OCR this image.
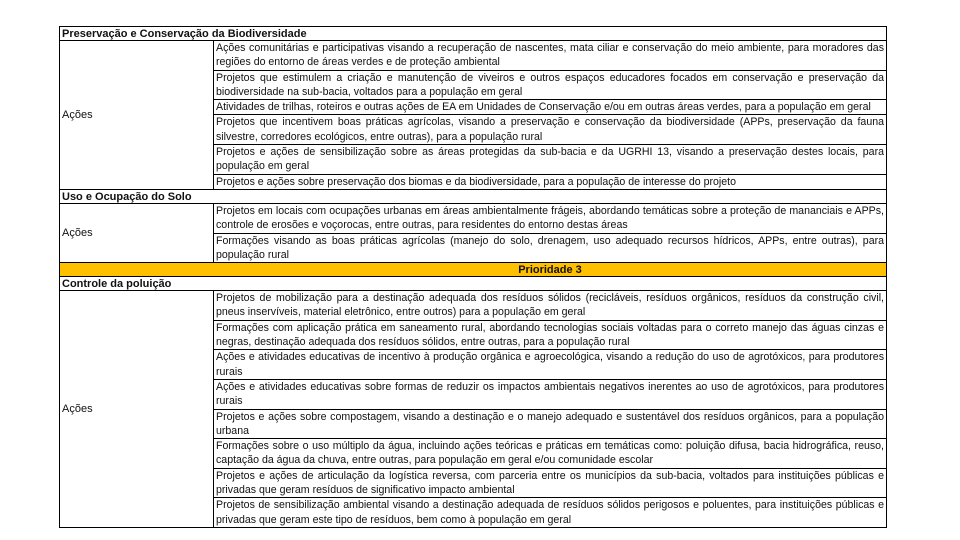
Preservação e Conservação da Biodiversidade
Ações
Ações comunitárias e participativas visando a recuperação de nascentes, mata ciliar e conservação do meio ambiente, para moradores das regiões do entorno de áreas verdes e de proteção ambiental
Projetos que estimulem a criação e manutenção de viveiros e outros espaços educadores focados em conservação e preservação da biodiversidade na sub-bacia, voltados para a população em geral
Atividades de trilhas, roteiros e outras ações de EA em Unidades de Conservação e/ou em outras áreas verdes, para a população em geral
Projetos que incentivem boas práticas agrícolas, visando a preservação e conservação da biodiversidade (APPs, preservação da fauna silvestre, corredores ecológicos, entre outras), para a população rural
Projetos e ações de sensibilização sobre as áreas protegidas da sub-bacia e da UGRHI 13, visando a preservação destes locais, para população em geral
Projetos e ações sobre preservação dos biomas e da biodiversidade, para a população de interesse do projeto
Uso e Ocupação do Solo
Ações
Projetos em locais com ocupações urbanas em áreas ambientalmente frágeis, abordando temáticas sobre a proteção de mananciais e APPs, controle de erosões e voçorocas, entre outras, para residentes do entorno destas áreas
Formações visando as boas práticas agrícolas (manejo do solo, drenagem, uso adequado recursos hídricos, APPs, entre outras), para população rural
Prioridade 3
Controle da poluição
Ações
Projetos de mobilização para a destinação adequada dos resíduos sólidos (recicláveis, resíduos orgânicos, resíduos da construção civil, pneus inservíveis, material eletrônico, entre outros) para a população em geral
Formações com aplicação prática em saneamento rural, abordando tecnologias sociais voltadas para o correto manejo das águas cinzas e negras, destinação adequada dos resíduos sólidos, entre outras, para a população rural
Ações e atividades educativas de incentivo à produção orgânica e agroecológica, visando a redução do uso de agrotóxicos, para produtores rurais
Ações e atividades educativas sobre formas de reduzir os impactos ambientais negativos inerentes ao uso de agrotóxicos, para produtores rurais
Projetos e ações sobre compostagem, visando a destinação e o manejo adequado e sustentável dos resíduos orgânicos, para a população urbana
Formações sobre o uso múltiplo da água, incluindo ações teóricas e práticas em temáticas como: poluição difusa, bacia hidrográfica, reuso, captação da água da chuva, entre outras, para população em geral e/ou comunidade escolar
Projetos e ações de articulação da logística reversa, com parceria entre os municípios da sub-bacia, voltados para instituições públicas e privadas que geram resíduos de significativo impacto ambiental
Projetos de sensibilização ambiental visando a destinação adequada de resíduos sólidos perigosos e poluentes, para instituições públicas e privadas que geram este tipo de resíduos, bem como à população em geral
